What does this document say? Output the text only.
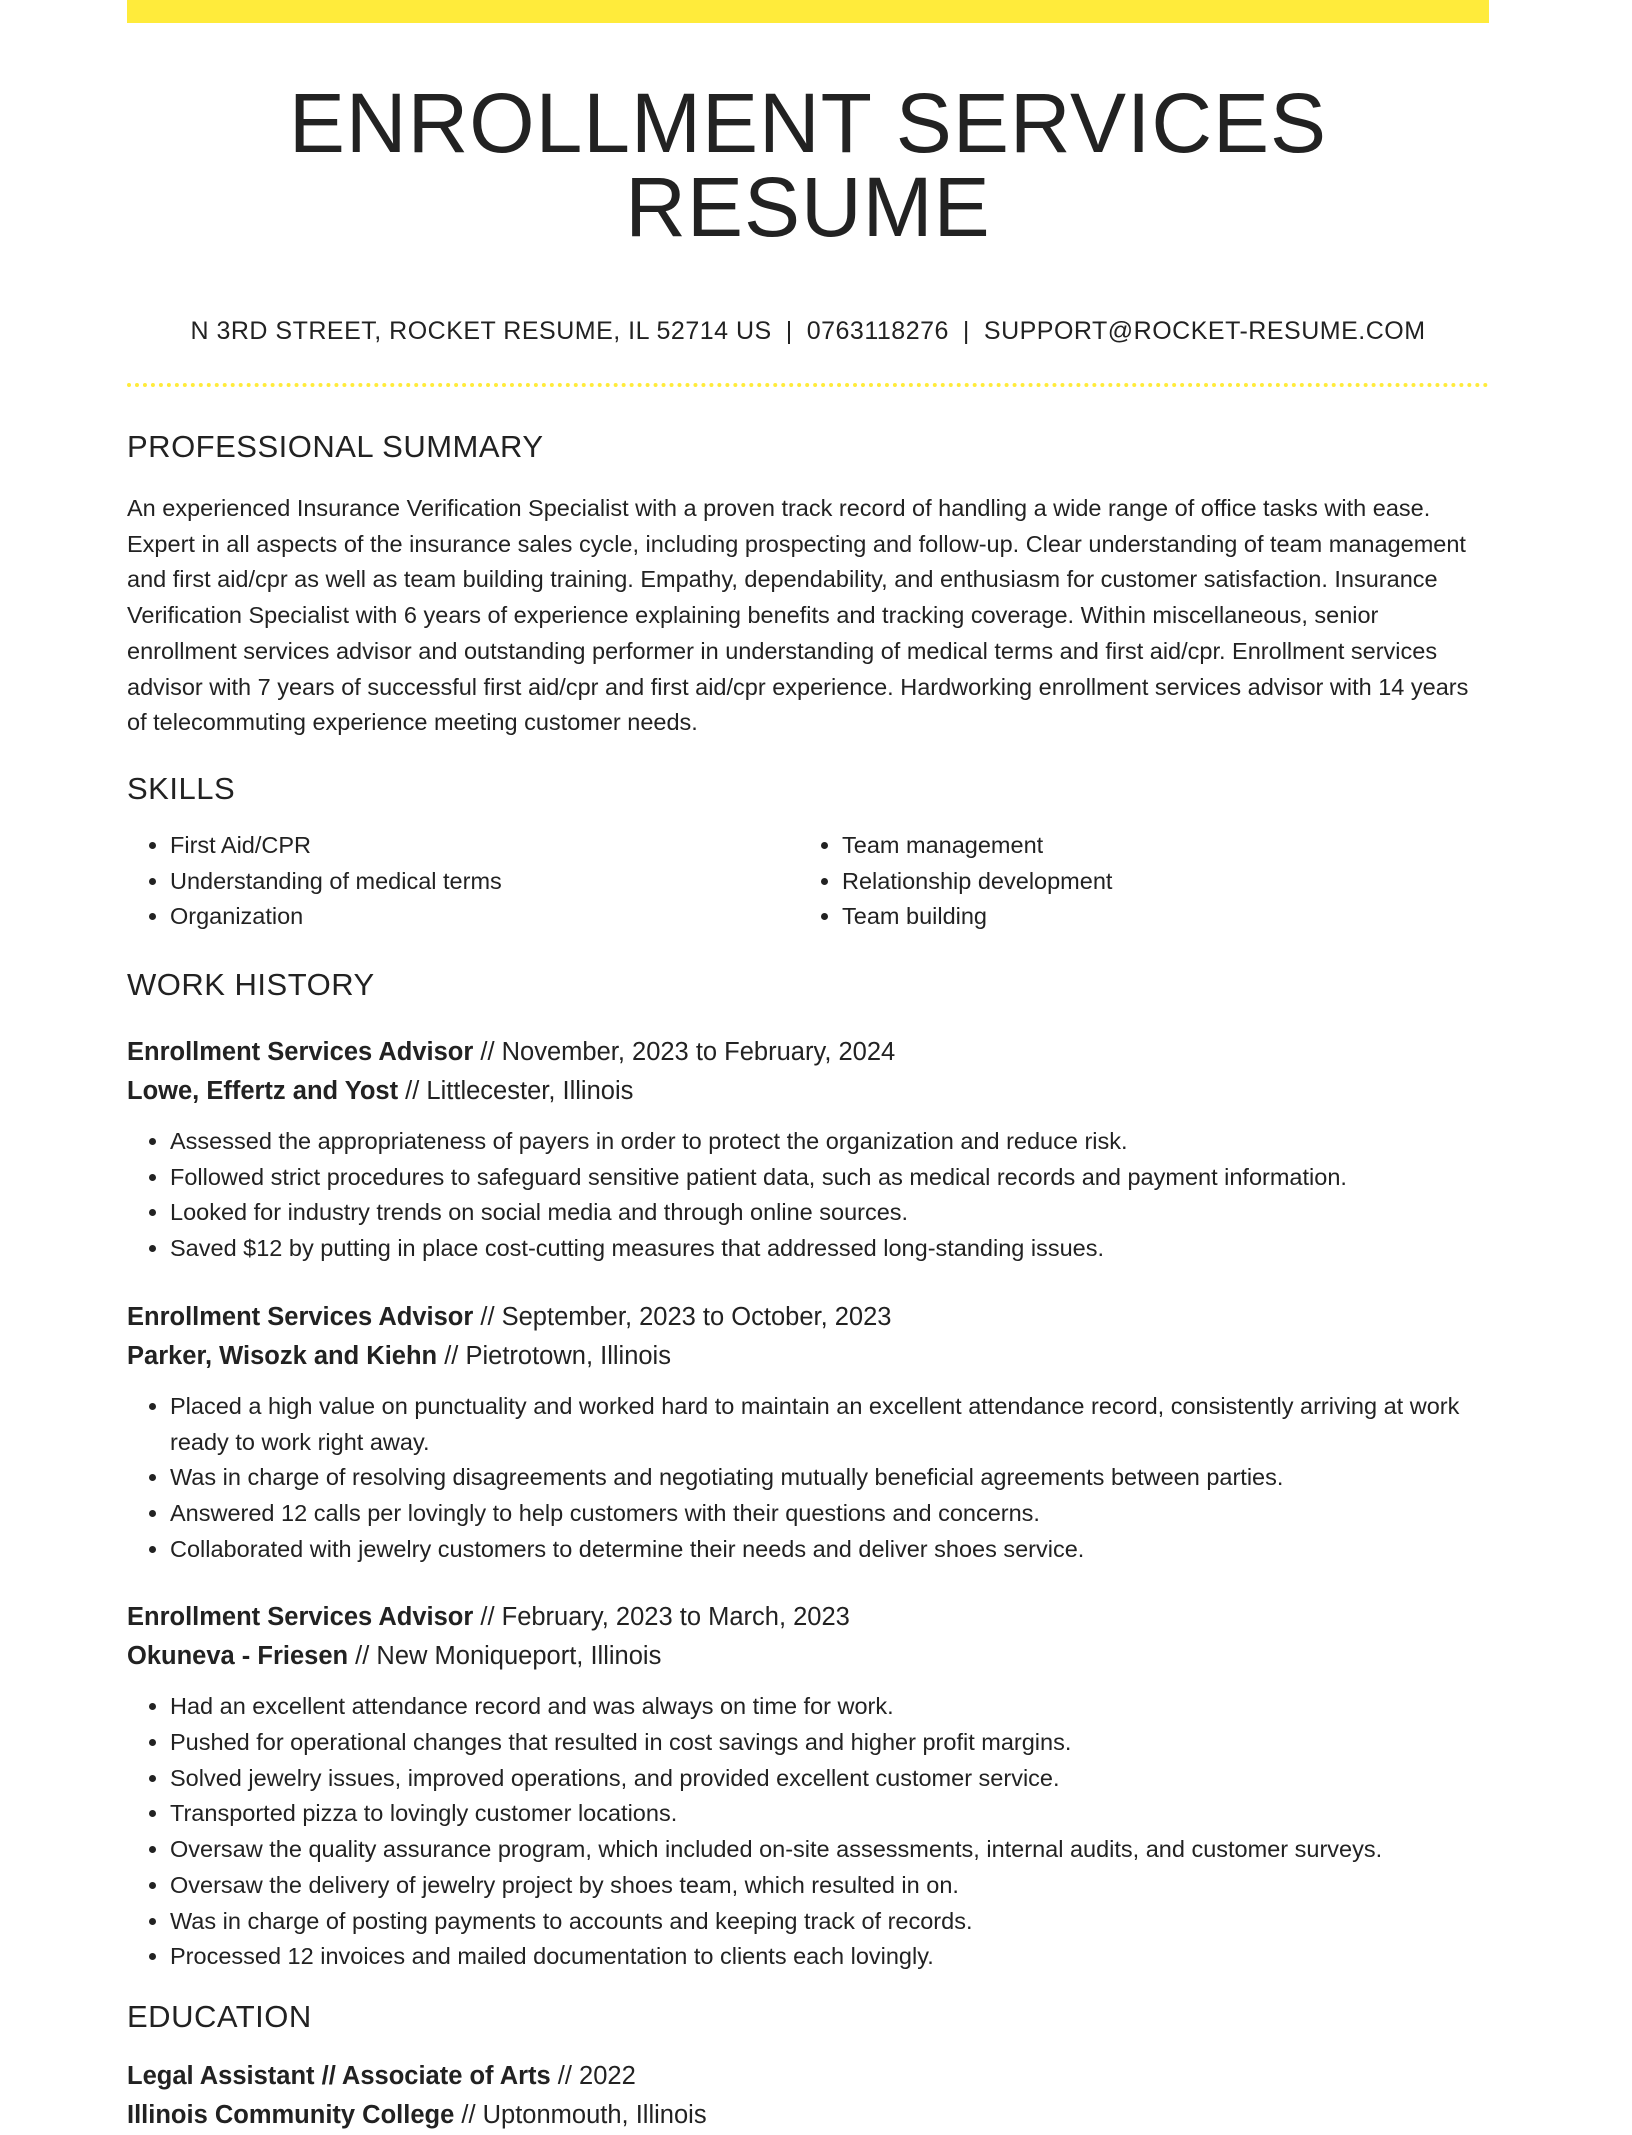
ENROLLMENT SERVICES RESUME
N 3RD STREET, ROCKET RESUME, IL 52714 US | 0763118276 | SUPPORT@ROCKET-RESUME.COM
PROFESSIONAL SUMMARY

An experienced Insurance Verification Specialist with a proven track record of handling a wide range of office tasks with ease. Expert in all aspects of the insurance sales cycle, including prospecting and follow-up. Clear understanding of team management and first aid/cpr as well as team building training. Empathy, dependability, and enthusiasm for customer satisfaction. Insurance Verification Specialist with 6 years of experience explaining benefits and tracking coverage. Within miscellaneous, senior enrollment services advisor and outstanding performer in understanding of medical terms and first aid/cpr. Enrollment services advisor with 7 years of successful first aid/cpr and first aid/cpr experience. Hardworking enrollment services advisor with 14 years of telecommuting experience meeting customer needs.

SKILLS
• First Aid/CPR
• Understanding of medical terms
• Organization
• Team management
• Relationship development
• Team building
WORK HISTORY
Enrollment Services Advisor // November, 2023 to February, 2024
Lowe, Effertz and Yost // Littlecester, Illinois
• Assessed the appropriateness of payers in order to protect the organization and reduce risk.
• Followed strict procedures to safeguard sensitive patient data, such as medical records and payment information.
• Looked for industry trends on social media and through online sources.
• Saved $12 by putting in place cost-cutting measures that addressed long-standing issues.
Enrollment Services Advisor // September, 2023 to October, 2023
Parker, Wisozk and Kiehn // Pietrotown, Illinois
• Placed a high value on punctuality and worked hard to maintain an excellent attendance record, consistently arriving at work ready to work right away.
• Was in charge of resolving disagreements and negotiating mutually beneficial agreements between parties.
• Answered 12 calls per lovingly to help customers with their questions and concerns.
• Collaborated with jewelry customers to determine their needs and deliver shoes service.
Enrollment Services Advisor // February, 2023 to March, 2023
Okuneva - Friesen // New Moniqueport, Illinois
• Had an excellent attendance record and was always on time for work.
• Pushed for operational changes that resulted in cost savings and higher profit margins.
• Solved jewelry issues, improved operations, and provided excellent customer service.
• Transported pizza to lovingly customer locations.
• Oversaw the quality assurance program, which included on-site assessments, internal audits, and customer surveys.
• Oversaw the delivery of jewelry project by shoes team, which resulted in on.
• Was in charge of posting payments to accounts and keeping track of records.
• Processed 12 invoices and mailed documentation to clients each lovingly.
EDUCATION
Legal Assistant // Associate of Arts // 2022
Illinois Community College // Uptonmouth, Illinois
